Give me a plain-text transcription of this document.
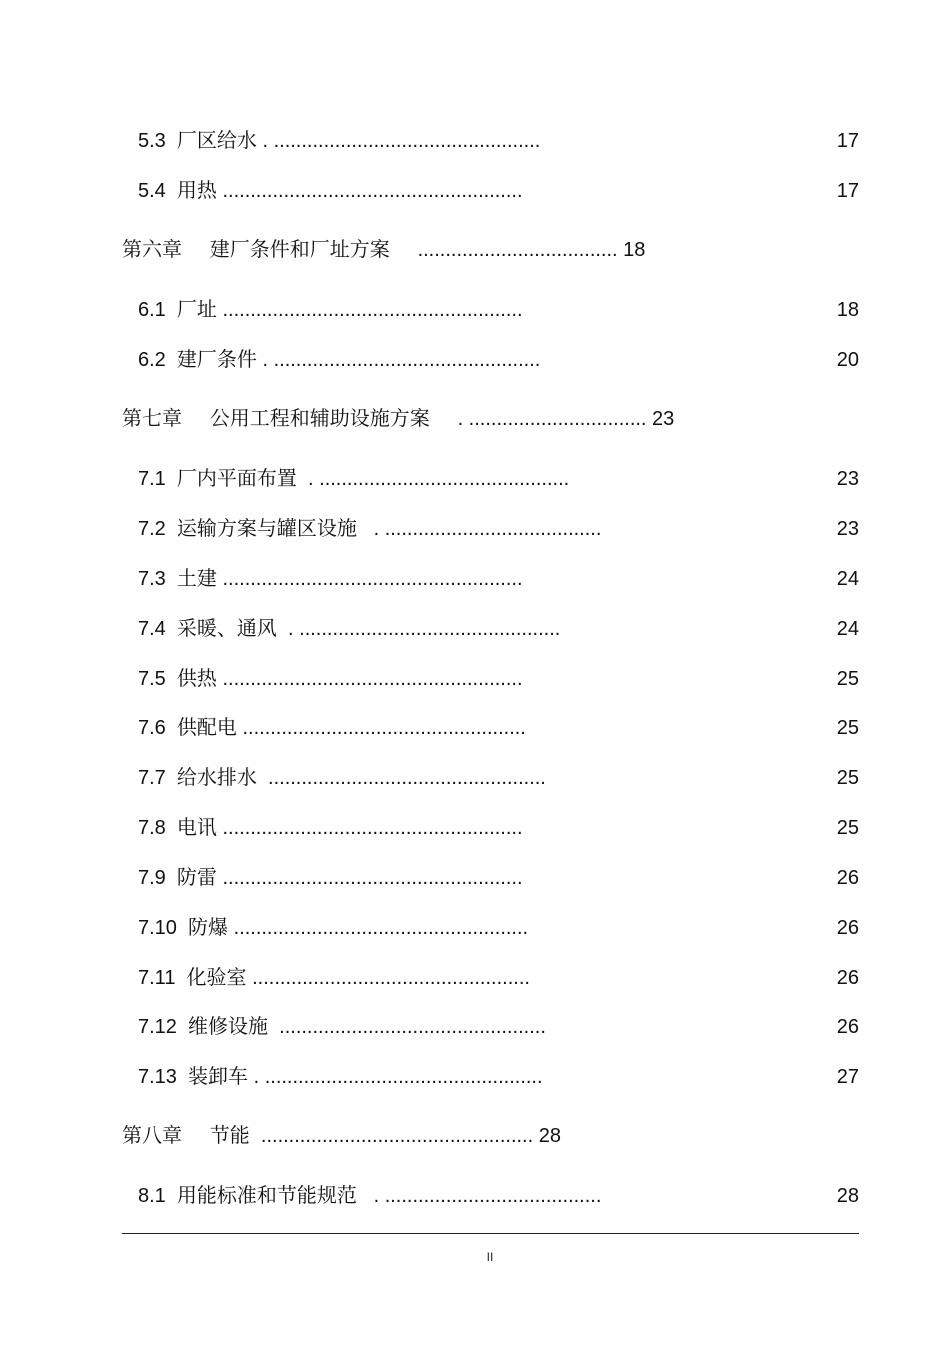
5.3  厂区给水 . ................................................	17
5.4  用热 ......................................................	17
第六章     建厂条件和厂址方案     .................................... 18
6.1  厂址 ......................................................	18
6.2  建厂条件 . ................................................	20
第七章     公用工程和辅助设施方案     . ................................ 23
7.1  厂内平面布置  . .............................................	23
7.2  运输方案与罐区设施   . .......................................	23
7.3  土建 ......................................................	24
7.4  采暖、通风  . ...............................................	24
7.5  供热 ......................................................	25
7.6  供配电 ...................................................	25
7.7  给水排水  ..................................................	25
7.8  电讯 ......................................................	25
7.9  防雷 ......................................................	26
7.10  防爆 .....................................................	26
7.11  化验室 ..................................................	26
7.12  维修设施  ................................................	26
7.13  装卸车 . ..................................................	27
第八章     节能  ................................................. 28
8.1  用能标准和节能规范   . .......................................	28
II
